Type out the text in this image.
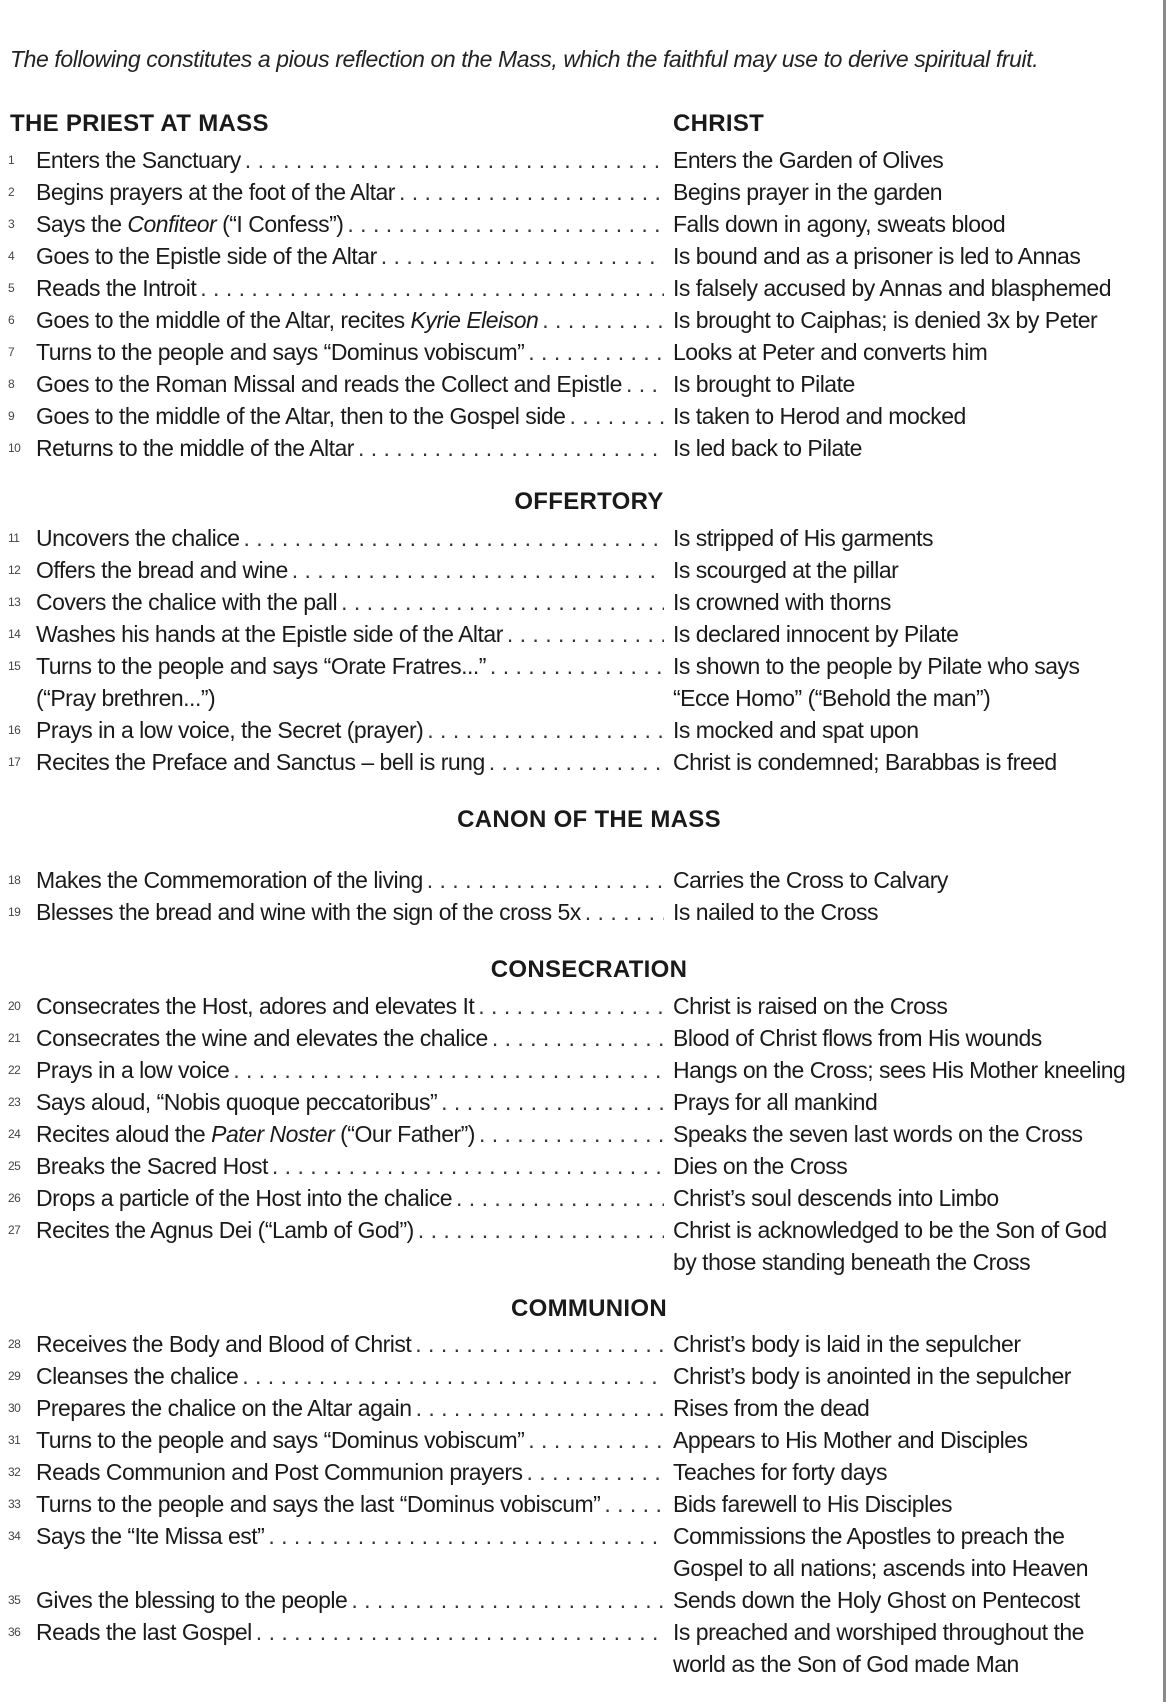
The following constitutes a pious reflection on the Mass, which the faithful may use to derive spiritual fruit.
THE PRIEST AT MASS	CHRIST
OFFERTORY
CANON OF THE MASS
CONSECRATION
COMMUNION
1 Enters the Sanctuary . . .	Enters the Garden of Olives
2 Begins prayers at the foot of the Altar . . .	Begins prayer in the garden
3 Says the Confiteor (“I Confess”) . . .	Falls down in agony, sweats blood
4 Goes to the Epistle side of the Altar . . .	Is bound and as a prisoner is led to Annas
5 Reads the Introit . . .	Is falsely accused by Annas and blasphemed
6 Goes to the middle of the Altar, recites Kyrie Eleison . . .	Is brought to Caiphas; is denied 3x by Peter
7 Turns to the people and says “Dominus vobiscum” . . .	Looks at Peter and converts him
8 Goes to the Roman Missal and reads the Collect and Epistle . . . Is brought to Pilate
9 Goes to the middle of the Altar, then to the Gospel side . . .	Is taken to Herod and mocked
10 Returns to the middle of the Altar . . .	Is led back to Pilate
11 Uncovers the chalice . . .	Is stripped of His garments
12 Offers the bread and wine . . .	Is scourged at the pillar
13 Covers the chalice with the pall . . .	Is crowned with thorns
14 Washes his hands at the Epistle side of the Altar . . .	Is declared innocent by Pilate
15 Turns to the people and says “Orate Fratres...” . . .	Is shown to the people by Pilate who says
(“Pray brethren...”)	“Ecce Homo” (“Behold the man”)
16 Prays in a low voice, the Secret (prayer) . . .	Is mocked and spat upon
17 Recites the Preface and Sanctus – bell is rung . . .	Christ is condemned; Barabbas is freed
18 Makes the Commemoration of the living . . .	Carries the Cross to Calvary
19 Blesses the bread and wine with the sign of the cross 5x . . .	Is nailed to the Cross
20 Consecrates the Host, adores and elevates It . . .	Christ is raised on the Cross
21 Consecrates the wine and elevates the chalice . . .	Blood of Christ flows from His wounds
22 Prays in a low voice . . .	Hangs on the Cross; sees His Mother kneeling
23 Says aloud, “Nobis quoque peccatoribus” . . .	Prays for all mankind
24 Recites aloud the Pater Noster (“Our Father”) . . .	Speaks the seven last words on the Cross
25 Breaks the Sacred Host . . .	Dies on the Cross
26 Drops a particle of the Host into the chalice . . .	Christ’s soul descends into Limbo
27 Recites the Agnus Dei (“Lamb of God”) . . .	Christ is acknowledged to be the Son of God
by those standing beneath the Cross
28 Receives the Body and Blood of Christ . . .	Christ’s body is laid in the sepulcher
29 Cleanses the chalice . . .	Christ’s body is anointed in the sepulcher
30 Prepares the chalice on the Altar again . . .	Rises from the dead
31 Turns to the people and says “Dominus vobiscum” . . .	Appears to His Mother and Disciples
32 Reads Communion and Post Communion prayers . . .	Teaches for forty days
33 Turns to the people and says the last “Dominus vobiscum” . . .	Bids farewell to His Disciples
34 Says the “Ite Missa est” . . .	Commissions the Apostles to preach the
Gospel to all nations; ascends into Heaven
35 Gives the blessing to the people . . .	Sends down the Holy Ghost on Pentecost
36 Reads the last Gospel . . .	Is preached and worshiped throughout the
world as the Son of God made Man
